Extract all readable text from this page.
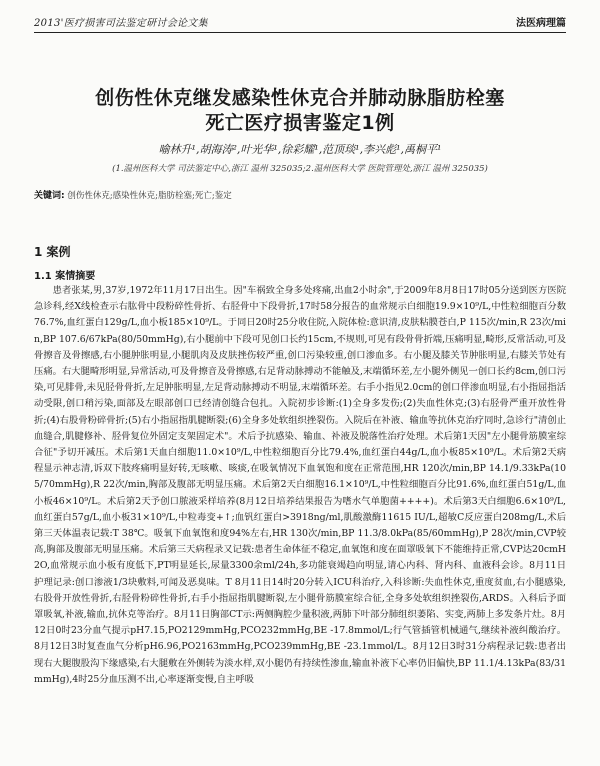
2013'医疗损害司法鉴定研讨会论文集	法医病理篇
创伤性休克继发感染性休克合并肺动脉脂肪栓塞
死亡医疗损害鉴定1例
喻林升¹,胡海涛²,叶光华¹,徐彩耀¹,范顶琰¹,李兴彪¹,禹桐平¹
(1.温州医科大学 司法鉴定中心,浙江 温州 325035;2.温州医科大学 医院管理处,浙江 温州 325035)
关键词: 创伤性休克;感染性休克;脂肪栓塞;死亡;鉴定
1 案例
1.1 案情摘要
患者张某,男,37岁,1972年11月17日出生。因"车祸致全身多处疼痛,出血2小时余",于2009年8月8日17时05分送到医方医院急诊科,经X线检查示右肱骨中段粉碎性骨折、右胫骨中下段骨折,17时58分报告的血常规示白细胞19.9×10⁹/L,中性粒细胞百分数76.7%,血红蛋白129g/L,血小板185×10⁹/L。于同日20时25分收住院,入院体检:意识清,皮肤粘膜苍白,P 115次/min,R 23次/min,BP 107.6/67kPa(80/50mmHg),右小腿前中下段可见创口长约15cm,不规则,可见有段骨骨折端,压痛明显,畸形,反常活动,可及骨擦音及骨擦感,右小腿肿胀明显,小腿肌肉及皮肤挫伤较严重,创口污染较重,创口渗血多。右小腿及膝关节肿胀明显,右膝关节处有压痛。右大腿畸形明显,异常活动,可及骨擦音及骨擦感,右足背动脉搏动不能触及,末端循环差,左小腿外侧见一创口长约8cm,创口污染,可见腓骨,未见胫骨骨折,左足肿胀明显,左足背动脉搏动不明显,末端循环差。右手小指见2.0cm的创口伴渗血明显,右小指屈指活动受限,创口稍污染,面部及左眼部创口已经清创缝合包扎。入院初步诊断:(1)全身多发伤;(2)失血性休克;(3)右胫骨严重开放性骨折;(4)右股骨粉碎骨折;(5)右小指屈指肌腱断裂;(6)全身多处软组织挫裂伤。入院后在补液、输血等抗休克治疗同时,急诊行"清创止血缝合,肌腱修补、胫骨复位外固定支架固定术"。术后予抗感染、输血、补液及脱落性治疗处理。术后第1天因"左小腿骨筋膜室综合征"予切开减压。术后第1天血白细胞11.0×10⁹/L,中性粒细胞百分比79.4%,血红蛋白44g/L,血小板85×10⁹/L。术后第2天病程显示神志清,诉双下肢疼痛明显好转,无咳嗽、咳痰,在吸氧情况下血氧饱和度在正常范围,HR 120次/min,BP 14.1/9.33kPa(105/70mmHg),R 22次/min,胸部及腹部无明显压痛。术后第2天白细胞16.1×10⁹/L,中性粒细胞百分比91.6%,血红蛋白51g/L,血小板46×10⁹/L。术后第2天予创口脓液采样培养(8月12日培养结果报告为嗜水气单胞菌++++)。术后第3天白细胞6.6×10⁹/L,血红蛋白57g/L,血小板31×10⁹/L,中粒毒变+↑;血钒红蛋白>3918ng/ml,肌酸激酶11615 IU/L,超敏C反应蛋白208mg/L,术后第三天体温表记载:T 38℃。吸氧下血氧饱和度94%左右,HR 130次/min,BP 11.3/8.0kPa(85/60mmHg),P 28次/min,CVP较高,胸部及腹部无明显压痛。术后第三天病程录又记载:患者生命体征不稳定,血氧饱和度在面罩吸氧下不能维持正常,CVP达20cmH2O,血常规示血小板有度低下,PT明显延长,尿量3300余ml/24h,多功能衰竭趋向明显,请心内科、肾内科、血液科会诊。8月11日护理记录:创口渗液1/3块敷料,可闻及恶臭味。T 8月11日14时20分转入ICU科治疗,入科诊断:失血性休克,重度贫血,右小腿感染,右股骨开放性骨折,右胫骨粉碎性骨折,右手小指屈指肌腱断裂,左小腿骨筋膜室综合征,全身多处软组织挫裂伤,ARDS。入科后予面罩吸氧,补液,输血,抗休克等治疗。8月11日胸部CT示:两侧胸腔少量积液,两肺下叶部分肺组织萎陷、实变,两肺上多发条片灶。8月12日0时23分血气提示pH7.15,PO2129mmHg,PCO232mmHg,BE -17.8mmol/L;行气管插管机械通气,继续补液纠酸治疗。8月12日3时复查血气分析pH6.96,PO2163mmHg,PCO239mmHg,BE -23.1mmol/L。8月12日3时31分病程录记载:患者出现右大腿腹股沟下缘感染,右大腿敷在外侧转为淡水样,双小腿仍有持续性渗血,输血补液下心率仍旧偏快,BP 11.1/4.13kPa(83/31mmHg),4时25分血压测不出,心率逐渐变慢,自主呼吸
